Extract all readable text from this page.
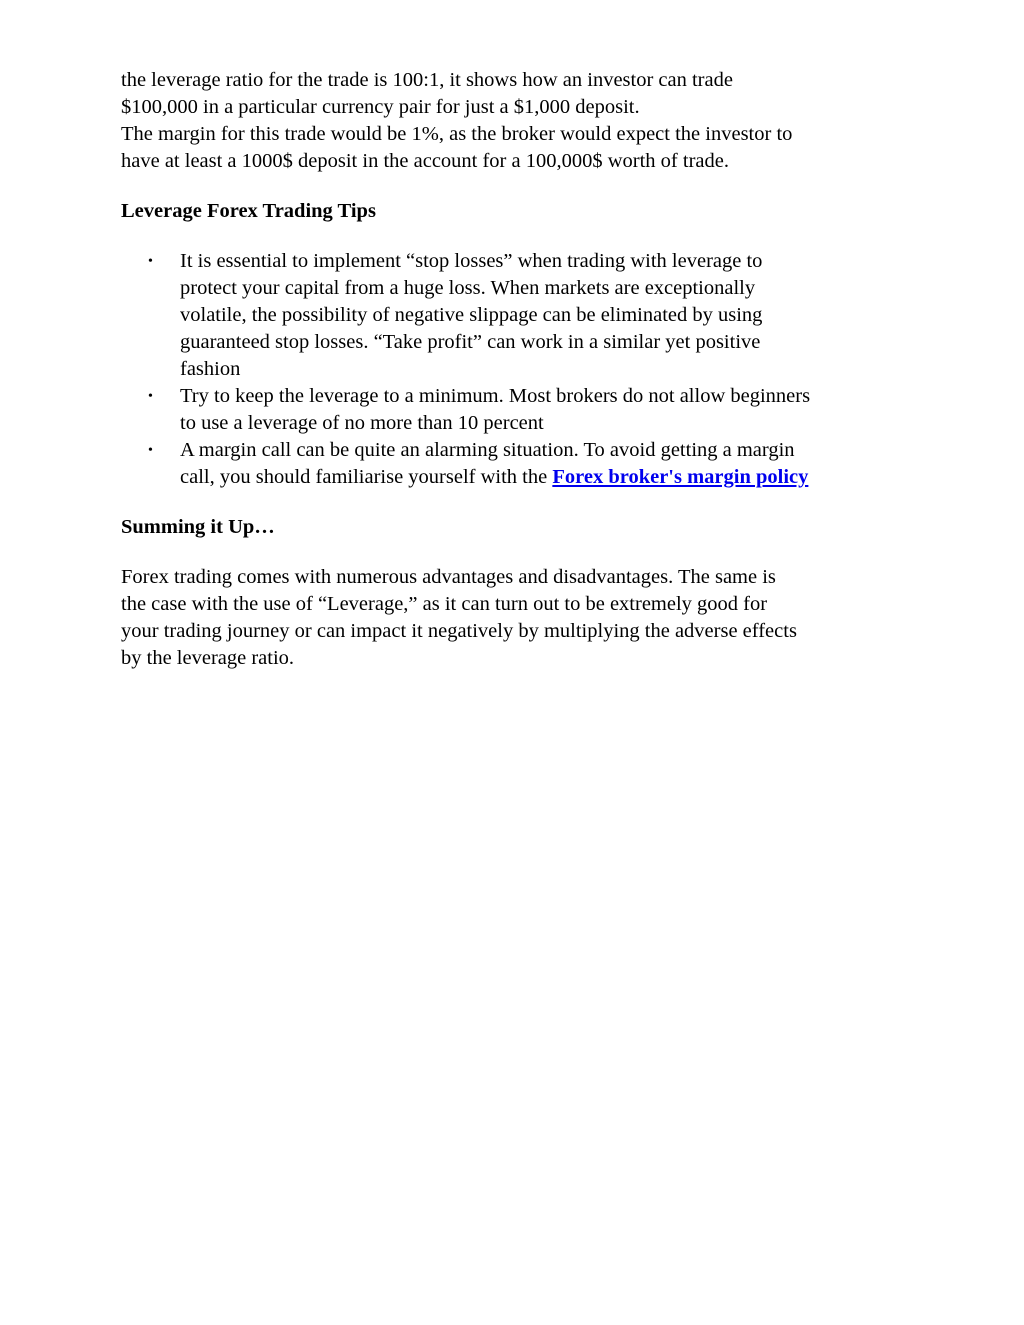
the leverage ratio for the trade is 100:1, it shows how an investor can trade
$100,000 in a particular currency pair for just a $1,000 deposit.
The margin for this trade would be 1%, as the broker would expect the investor to
have at least a 1000$ deposit in the account for a 100,000$ worth of trade.

Leverage Forex Trading Tips
• It is essential to implement “stop losses” when trading with leverage to
protect your capital from a huge loss. When markets are exceptionally
volatile, the possibility of negative slippage can be eliminated by using
guaranteed stop losses. “Take profit” can work in a similar yet positive
fashion
• Try to keep the leverage to a minimum. Most brokers do not allow beginners
to use a leverage of no more than 10 percent
• A margin call can be quite an alarming situation. To avoid getting a margin
call, you should familiarise yourself with the Forex broker's margin policy
Summing it Up…

Forex trading comes with numerous advantages and disadvantages. The same is
the case with the use of “Leverage,” as it can turn out to be extremely good for
your trading journey or can impact it negatively by multiplying the adverse effects
by the leverage ratio.
